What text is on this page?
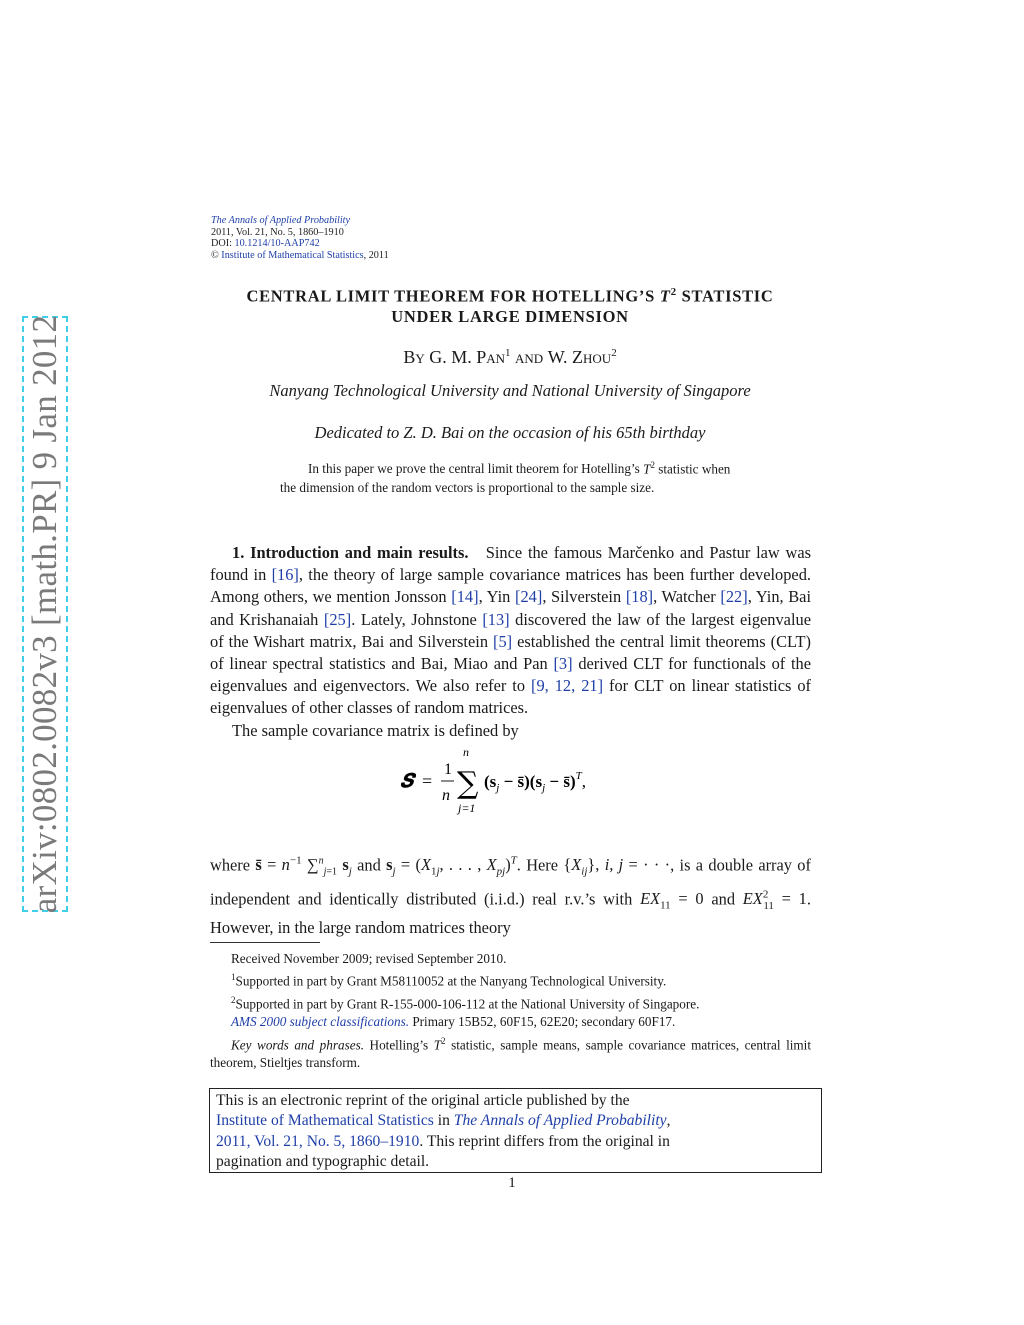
arXiv:0802.0082v3 [math.PR] 9 Jan 2012
The Annals of Applied Probability
2011, Vol. 21, No. 5, 1860–1910
DOI: 10.1214/10-AAP742
© Institute of Mathematical Statistics, 2011
CENTRAL LIMIT THEOREM FOR HOTELLING’S $T^2$ STATISTIC
UNDER LARGE DIMENSION
By G. M. Pan$^1$ and W. Zhou$^2$
Nanyang Technological University and National University of Singapore
Dedicated to Z. D. Bai on the occasion of his 65th birthday
In this paper we prove the central limit theorem for Hotelling’s $T^2$ statistic when the dimension of the random vectors is proportional to the sample size.
1. Introduction and main results. Since the famous Marčenko and Pastur law was found in [16], the theory of large sample covariance matrices has been further developed. Among others, we mention Jonsson [14], Yin [24], Silverstein [18], Watcher [22], Yin, Bai and Krishanaiah [25]. Lately, Johnstone [13] discovered the law of the largest eigenvalue of the Wishart matrix, Bai and Silverstein [5] established the central limit theorems (CLT) of linear spectral statistics and Bai, Miao and Pan [3] derived CLT for functionals of the eigenvalues and eigenvectors. We also refer to [9, 12, 21] for CLT on linear statistics of eigenvalues of other classes of random matrices.
The sample covariance matrix is defined by
𝑺 =
1
n
n
∑
j=1
($s_j$ − $s̄)(s_j$ − s̄)$^T$,
where s̄ = $n^{-1}$ ∑$^n_{j=1}$ $s_j$ and $s_j = (X_{1j}$, . . . , $X_{pj})^T$. Here $\{X_{ij}\}$, i, j = · · ·, is a double array of independent and identically distributed (i.i.d.) real r.v.’s with $EX_{11} = 0$ and $EX^2_{11} = 1$. However, in the large random matrices theory

Received November 2009; revised September 2010.

$^1$Supported in part by Grant M58110052 at the Nanyang Technological University.

$^2$Supported in part by Grant R-155-000-106-112 at the National University of Singapore.

AMS 2000 subject classifications. Primary 15B52, 60F15, 62E20; secondary 60F17.

Key words and phrases. Hotelling’s $T^2$ statistic, sample means, sample covariance matrices, central limit theorem, Stieltjes transform.

This is an electronic reprint of the original article published by the
Institute of Mathematical Statistics in The Annals of Applied Probability,
2011, Vol. 21, No. 5, 1860–1910. This reprint differs from the original in
pagination and typographic detail.
1
